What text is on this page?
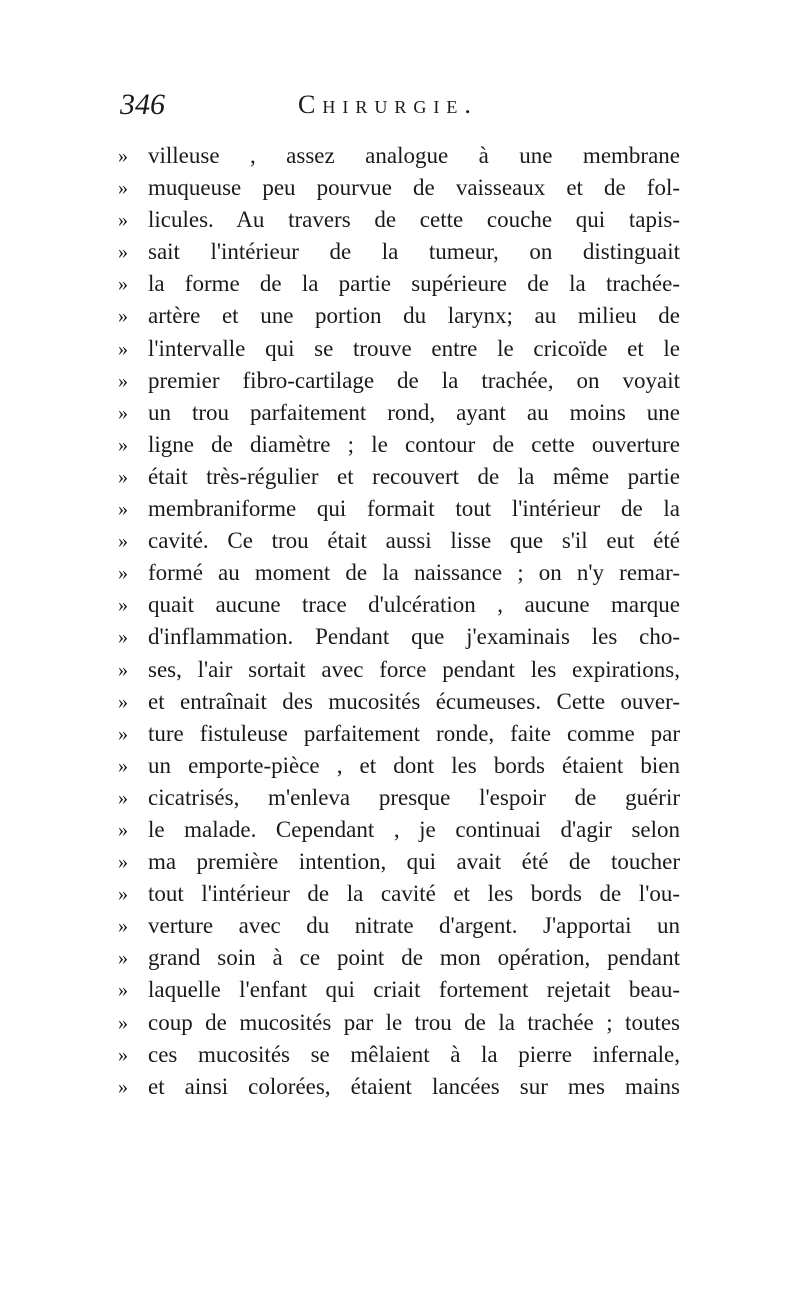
346	Chirurgie.
» villeuse , assez analogue à une membrane
» muqueuse peu pourvue de vaisseaux et de fol-
» licules. Au travers de cette couche qui tapis-
» sait l'intérieur de la tumeur, on distinguait
» la forme de la partie supérieure de la trachée-
» artère et une portion du larynx; au milieu de
» l'intervalle qui se trouve entre le cricoïde et le
» premier fibro-cartilage de la trachée, on voyait
» un trou parfaitement rond, ayant au moins une
» ligne de diamètre ; le contour de cette ouverture
» était très-régulier et recouvert de la même partie
» membraniforme qui formait tout l'intérieur de la
» cavité. Ce trou était aussi lisse que s'il eut été
» formé au moment de la naissance ; on n'y remar-
» quait aucune trace d'ulcération , aucune marque
» d'inflammation. Pendant que j'examinais les cho-
» ses, l'air sortait avec force pendant les expirations,
» et entraînait des mucosités écumeuses. Cette ouver-
» ture fistuleuse parfaitement ronde, faite comme par
» un emporte-pièce , et dont les bords étaient bien
» cicatrisés, m'enleva presque l'espoir de guérir
» le malade. Cependant , je continuai d'agir selon
» ma première intention, qui avait été de toucher
» tout l'intérieur de la cavité et les bords de l'ou-
» verture avec du nitrate d'argent. J'apportai un
» grand soin à ce point de mon opération, pendant
» laquelle l'enfant qui criait fortement rejetait beau-
» coup de mucosités par le trou de la trachée ; toutes
» ces mucosités se mêlaient à la pierre infernale,
» et ainsi colorées, étaient lancées sur mes mains
